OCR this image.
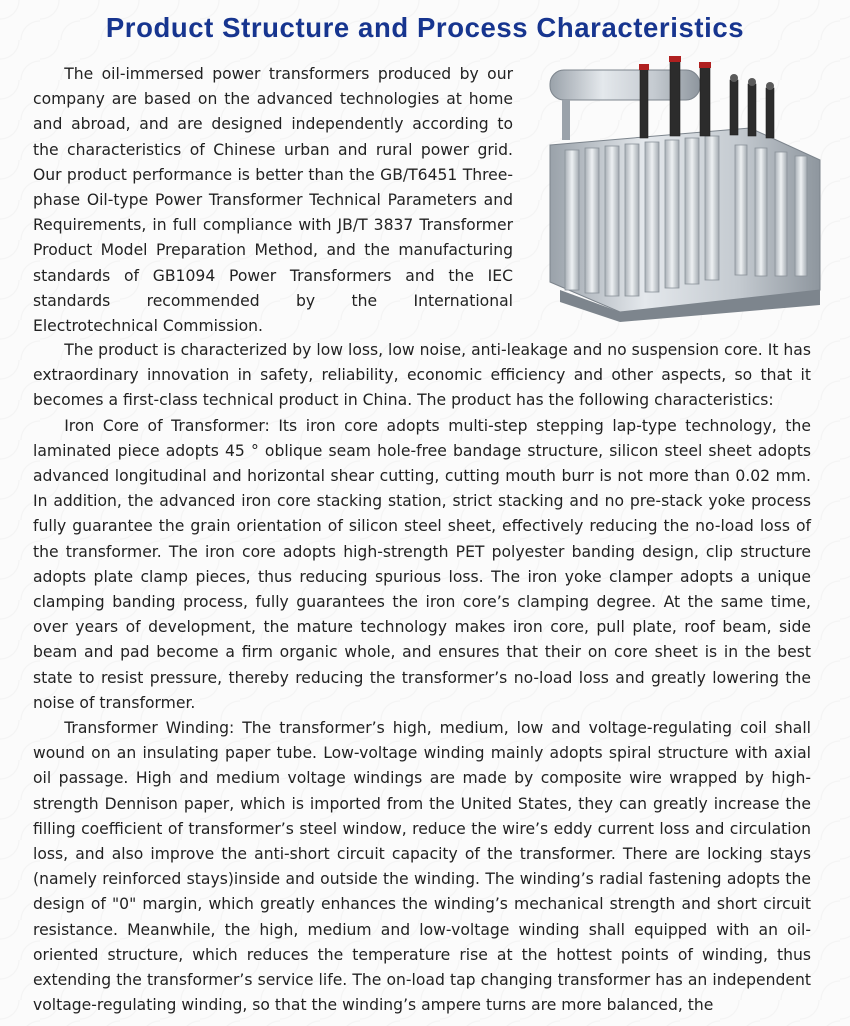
Product Structure and Process Characteristics

The oil-immersed power transformers produced by our company are based on the advanced technologies at home and abroad, and are designed independently according to the characteristics of Chinese urban and rural power grid. Our product performance is better than the GB/T6451 Three-phase Oil-type Power Transformer Technical Parameters and Requirements, in full compliance with JB/T 3837 Transformer Product Model Preparation Method, and the manufacturing standards of GB1094 Power Transformers and the IEC standards recommended by the International Electrotechnical Commission.

The product is characterized by low loss, low noise, anti-leakage and no suspension core. It has extraordinary innovation in safety, reliability, economic efficiency and other aspects, so that it becomes a first-class technical product in China. The product has the following characteristics:

Iron Core of Transformer: Its iron core adopts multi-step stepping lap-type technology, the laminated piece adopts 45 ° oblique seam hole-free bandage structure, silicon steel sheet adopts advanced longitudinal and horizontal shear cutting, cutting mouth burr is not more than 0.02 mm. In addition, the advanced iron core stacking station, strict stacking and no pre-stack yoke process fully guarantee the grain orientation of silicon steel sheet, effectively reducing the no-load loss of the transformer. The iron core adopts high-strength PET polyester banding design, clip structure adopts plate clamp pieces, thus reducing spurious loss. The iron yoke clamper adopts a unique clamping banding process, fully guarantees the iron core’s clamping degree. At the same time, over years of development, the mature technology makes iron core, pull plate, roof beam, side beam and pad become a firm organic whole, and ensures that their on core sheet is in the best state to resist pressure, thereby reducing the transformer’s no-load loss and greatly lowering the noise of transformer.

Transformer Winding: The transformer’s high, medium, low and voltage-regulating coil shall wound on an insulating paper tube. Low-voltage winding mainly adopts spiral structure with axial oil passage. High and medium voltage windings are made by composite wire wrapped by high-strength Dennison paper, which is imported from the United States, they can greatly increase the filling coefficient of transformer’s steel window, reduce the wire’s eddy current loss and circulation loss, and also improve the anti-short circuit capacity of the transformer. There are locking stays (namely reinforced stays)inside and outside the winding. The winding’s radial fastening adopts the design of "0" margin, which greatly enhances the winding’s mechanical strength and short circuit resistance. Meanwhile, the high, medium and low-voltage winding shall equipped with an oil-oriented structure, which reduces the temperature rise at the hottest points of winding, thus extending the transformer’s service life. The on-load tap changing transformer has an independent voltage-regulating winding, so that the winding’s ampere turns are more balanced, the
